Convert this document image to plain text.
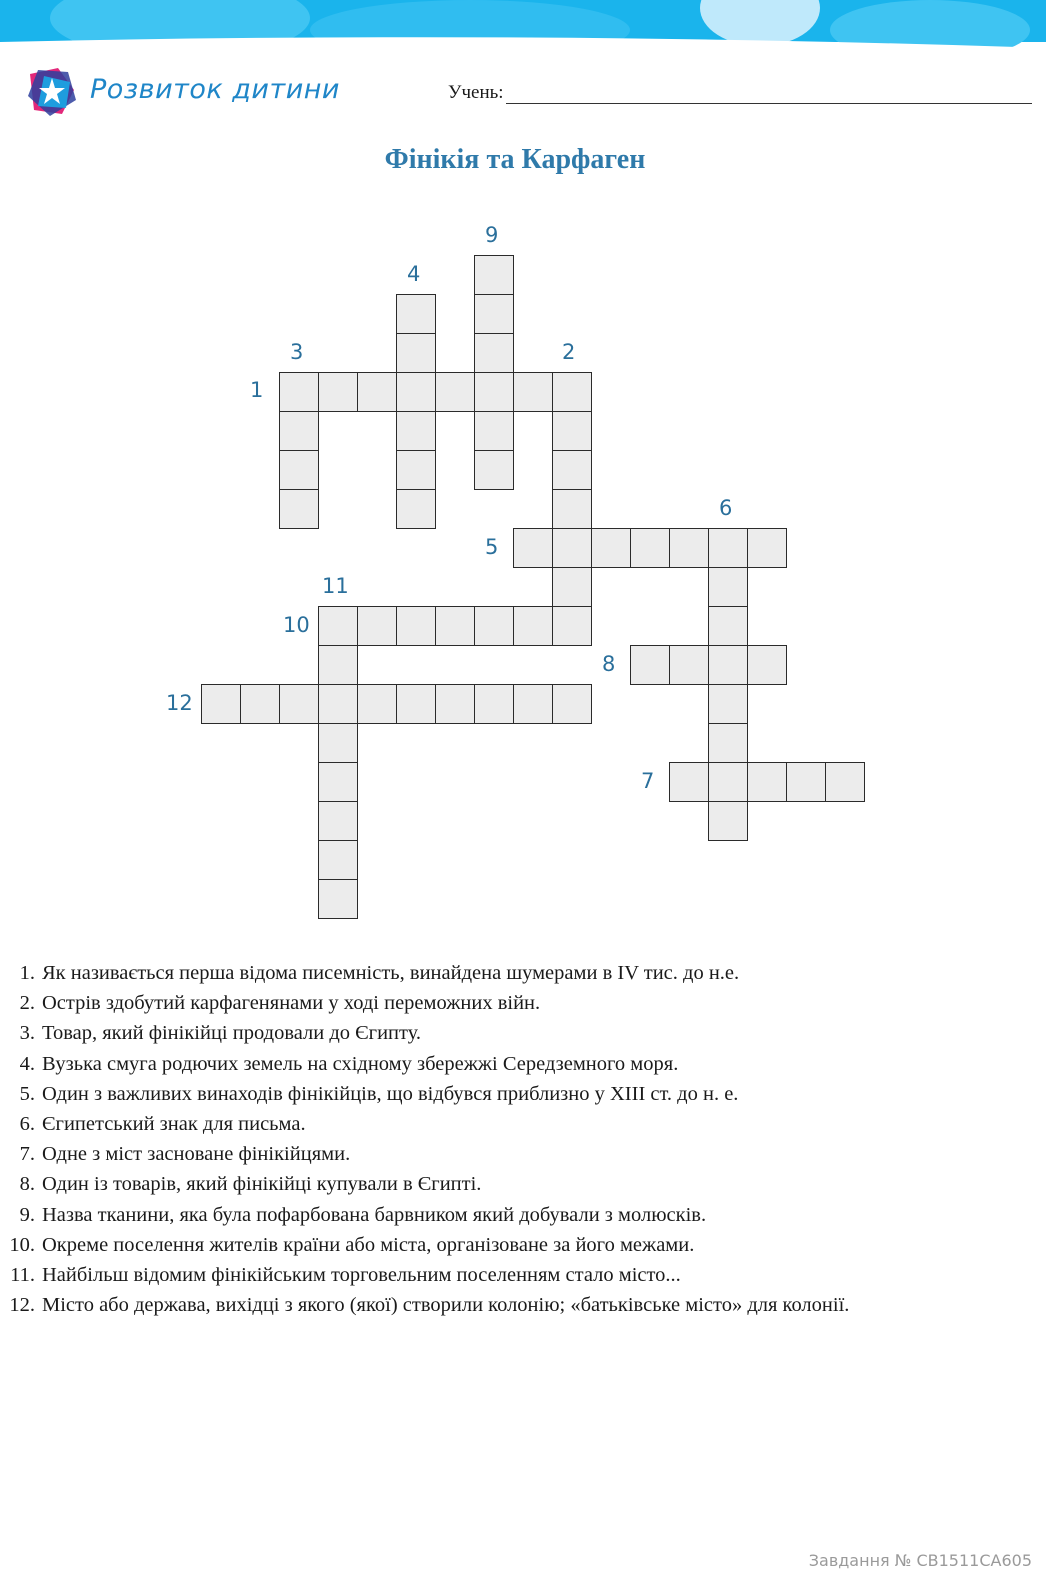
Розвиток дитини	Учень:
Фінікія та Карфаген
1
2
3
4
5
6
7
8
9
10
11
12
1. Як називається перша відома писемність, винайдена шумерами в IV тис. до н.е.
2. Острів здобутий карфагенянами у ході переможних війн.
3. Товар, який фінікійці продовали до Єгипту.
4. Вузька смуга родючих земель на східному збережжі Середземного моря.
5. Один з важливих винаходів фінікійців, що відбувся приблизно у XIII ст. до н. е.
6. Єгипетський знак для письма.
7. Одне з міст засноване фінікійцями.
8. Один із товарів, який фінікійці купували в Єгипті.
9. Назва тканини, яка була пофарбована барвником який добували з молюсків.
10. Окреме поселення жителів країни або міста, організоване за його межами.
11. Найбільш відомим фінікійським торговельним поселенням стало місто...
12. Місто або держава, вихідці з якого (якої) створили колонію; «батьківське місто» для колонії.
Завдання № CB1511CA605
